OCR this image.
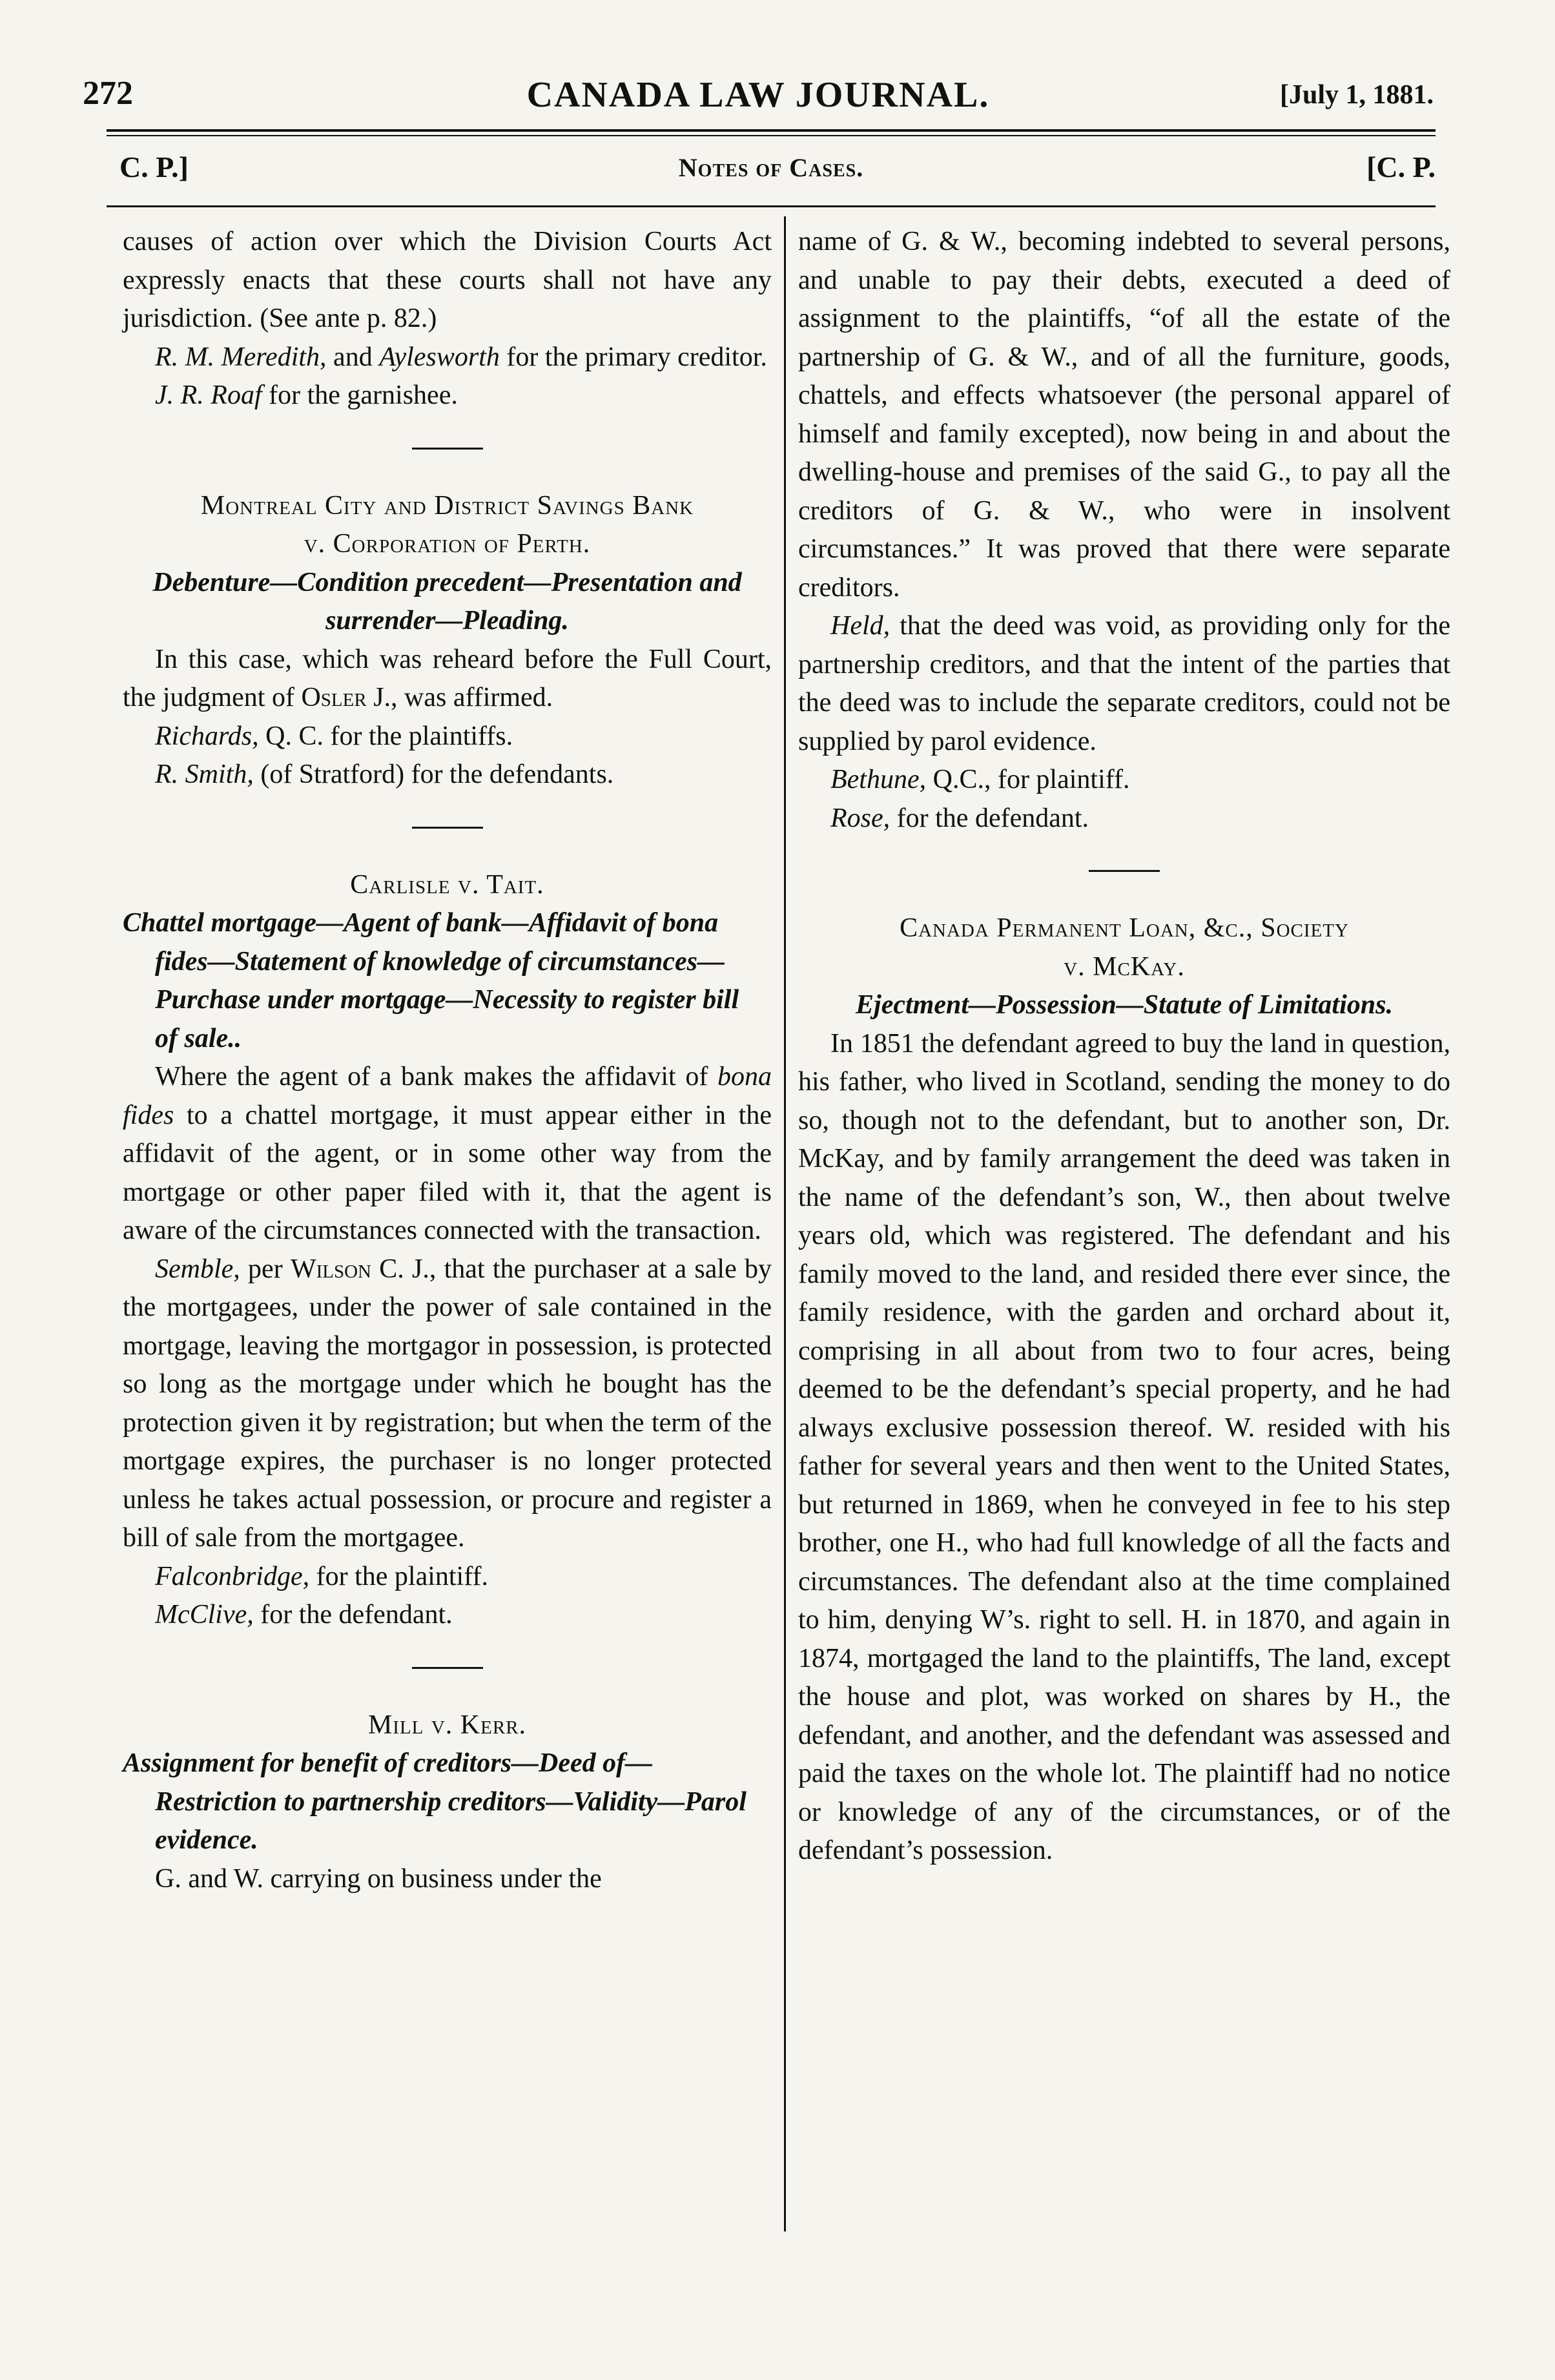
272	CANADA LAW JOURNAL.	[July 1, 1881.
C. P.]	Notes of Cases.	[C. P.

causes of action over which the Division Courts Act expressly enacts that these courts shall not have any jurisdiction. (See ante p. 82.)

R. M. Meredith, and Aylesworth for the primary creditor.

J. R. Roaf for the garnishee.

Montreal City and District Savings Bank

v. Corporation of Perth.

Debenture—Condition precedent—Presentation and surrender—Pleading.

In this case, which was reheard before the Full Court, the judgment of Osler J., was affirmed.

Richards, Q. C. for the plaintiffs.

R. Smith, (of Stratford) for the defendants.

Carlisle v. Tait.

Chattel mortgage—Agent of bank—Affidavit of bona fides—Statement of knowledge of circumstances—Purchase under mortgage—Necessity to register bill of sale..

Where the agent of a bank makes the affidavit of bona fides to a chattel mortgage, it must appear either in the affidavit of the agent, or in some other way from the mortgage or other paper filed with it, that the agent is aware of the circumstances connected with the transaction.

Semble, per Wilson C. J., that the purchaser at a sale by the mortgagees, under the power of sale contained in the mortgage, leaving the mortgagor in possession, is protected so long as the mortgage under which he bought has the protection given it by registration; but when the term of the mortgage expires, the purchaser is no longer protected unless he takes actual possession, or procure and register a bill of sale from the mortgagee.

Falconbridge, for the plaintiff.

McClive, for the defendant.

Mill v. Kerr.

Assignment for benefit of creditors—Deed of—Restriction to partnership creditors—Validity—Parol evidence.

G. and W. carrying on business under the

name of G. & W., becoming indebted to several persons, and unable to pay their debts, executed a deed of assignment to the plaintiffs, “of all the estate of the partnership of G. & W., and of all the furniture, goods, chattels, and effects whatsoever (the personal apparel of himself and family excepted), now being in and about the dwelling-house and premises of the said G., to pay all the creditors of G. & W., who were in insolvent circumstances.” It was proved that there were separate creditors.

Held, that the deed was void, as providing only for the partnership creditors, and that the intent of the parties that the deed was to include the separate creditors, could not be supplied by parol evidence.

Bethune, Q.C., for plaintiff.

Rose, for the defendant.

Canada Permanent Loan, &c., Society

v. McKay.

Ejectment—Possession—Statute of Limitations.

In 1851 the defendant agreed to buy the land in question, his father, who lived in Scotland, sending the money to do so, though not to the defendant, but to another son, Dr. McKay, and by family arrangement the deed was taken in the name of the defendant’s son, W., then about twelve years old, which was registered. The defendant and his family moved to the land, and resided there ever since, the family residence, with the garden and orchard about it, comprising in all about from two to four acres, being deemed to be the defendant’s special property, and he had always exclusive possession thereof. W. resided with his father for several years and then went to the United States, but returned in 1869, when he conveyed in fee to his step brother, one H., who had full knowledge of all the facts and circumstances. The defendant also at the time complained to him, denying W’s. right to sell. H. in 1870, and again in 1874, mortgaged the land to the plaintiffs, The land, except the house and plot, was worked on shares by H., the defendant, and another, and the defendant was assessed and paid the taxes on the whole lot. The plaintiff had no notice or knowledge of any of the circumstances, or of the defendant’s possession.
